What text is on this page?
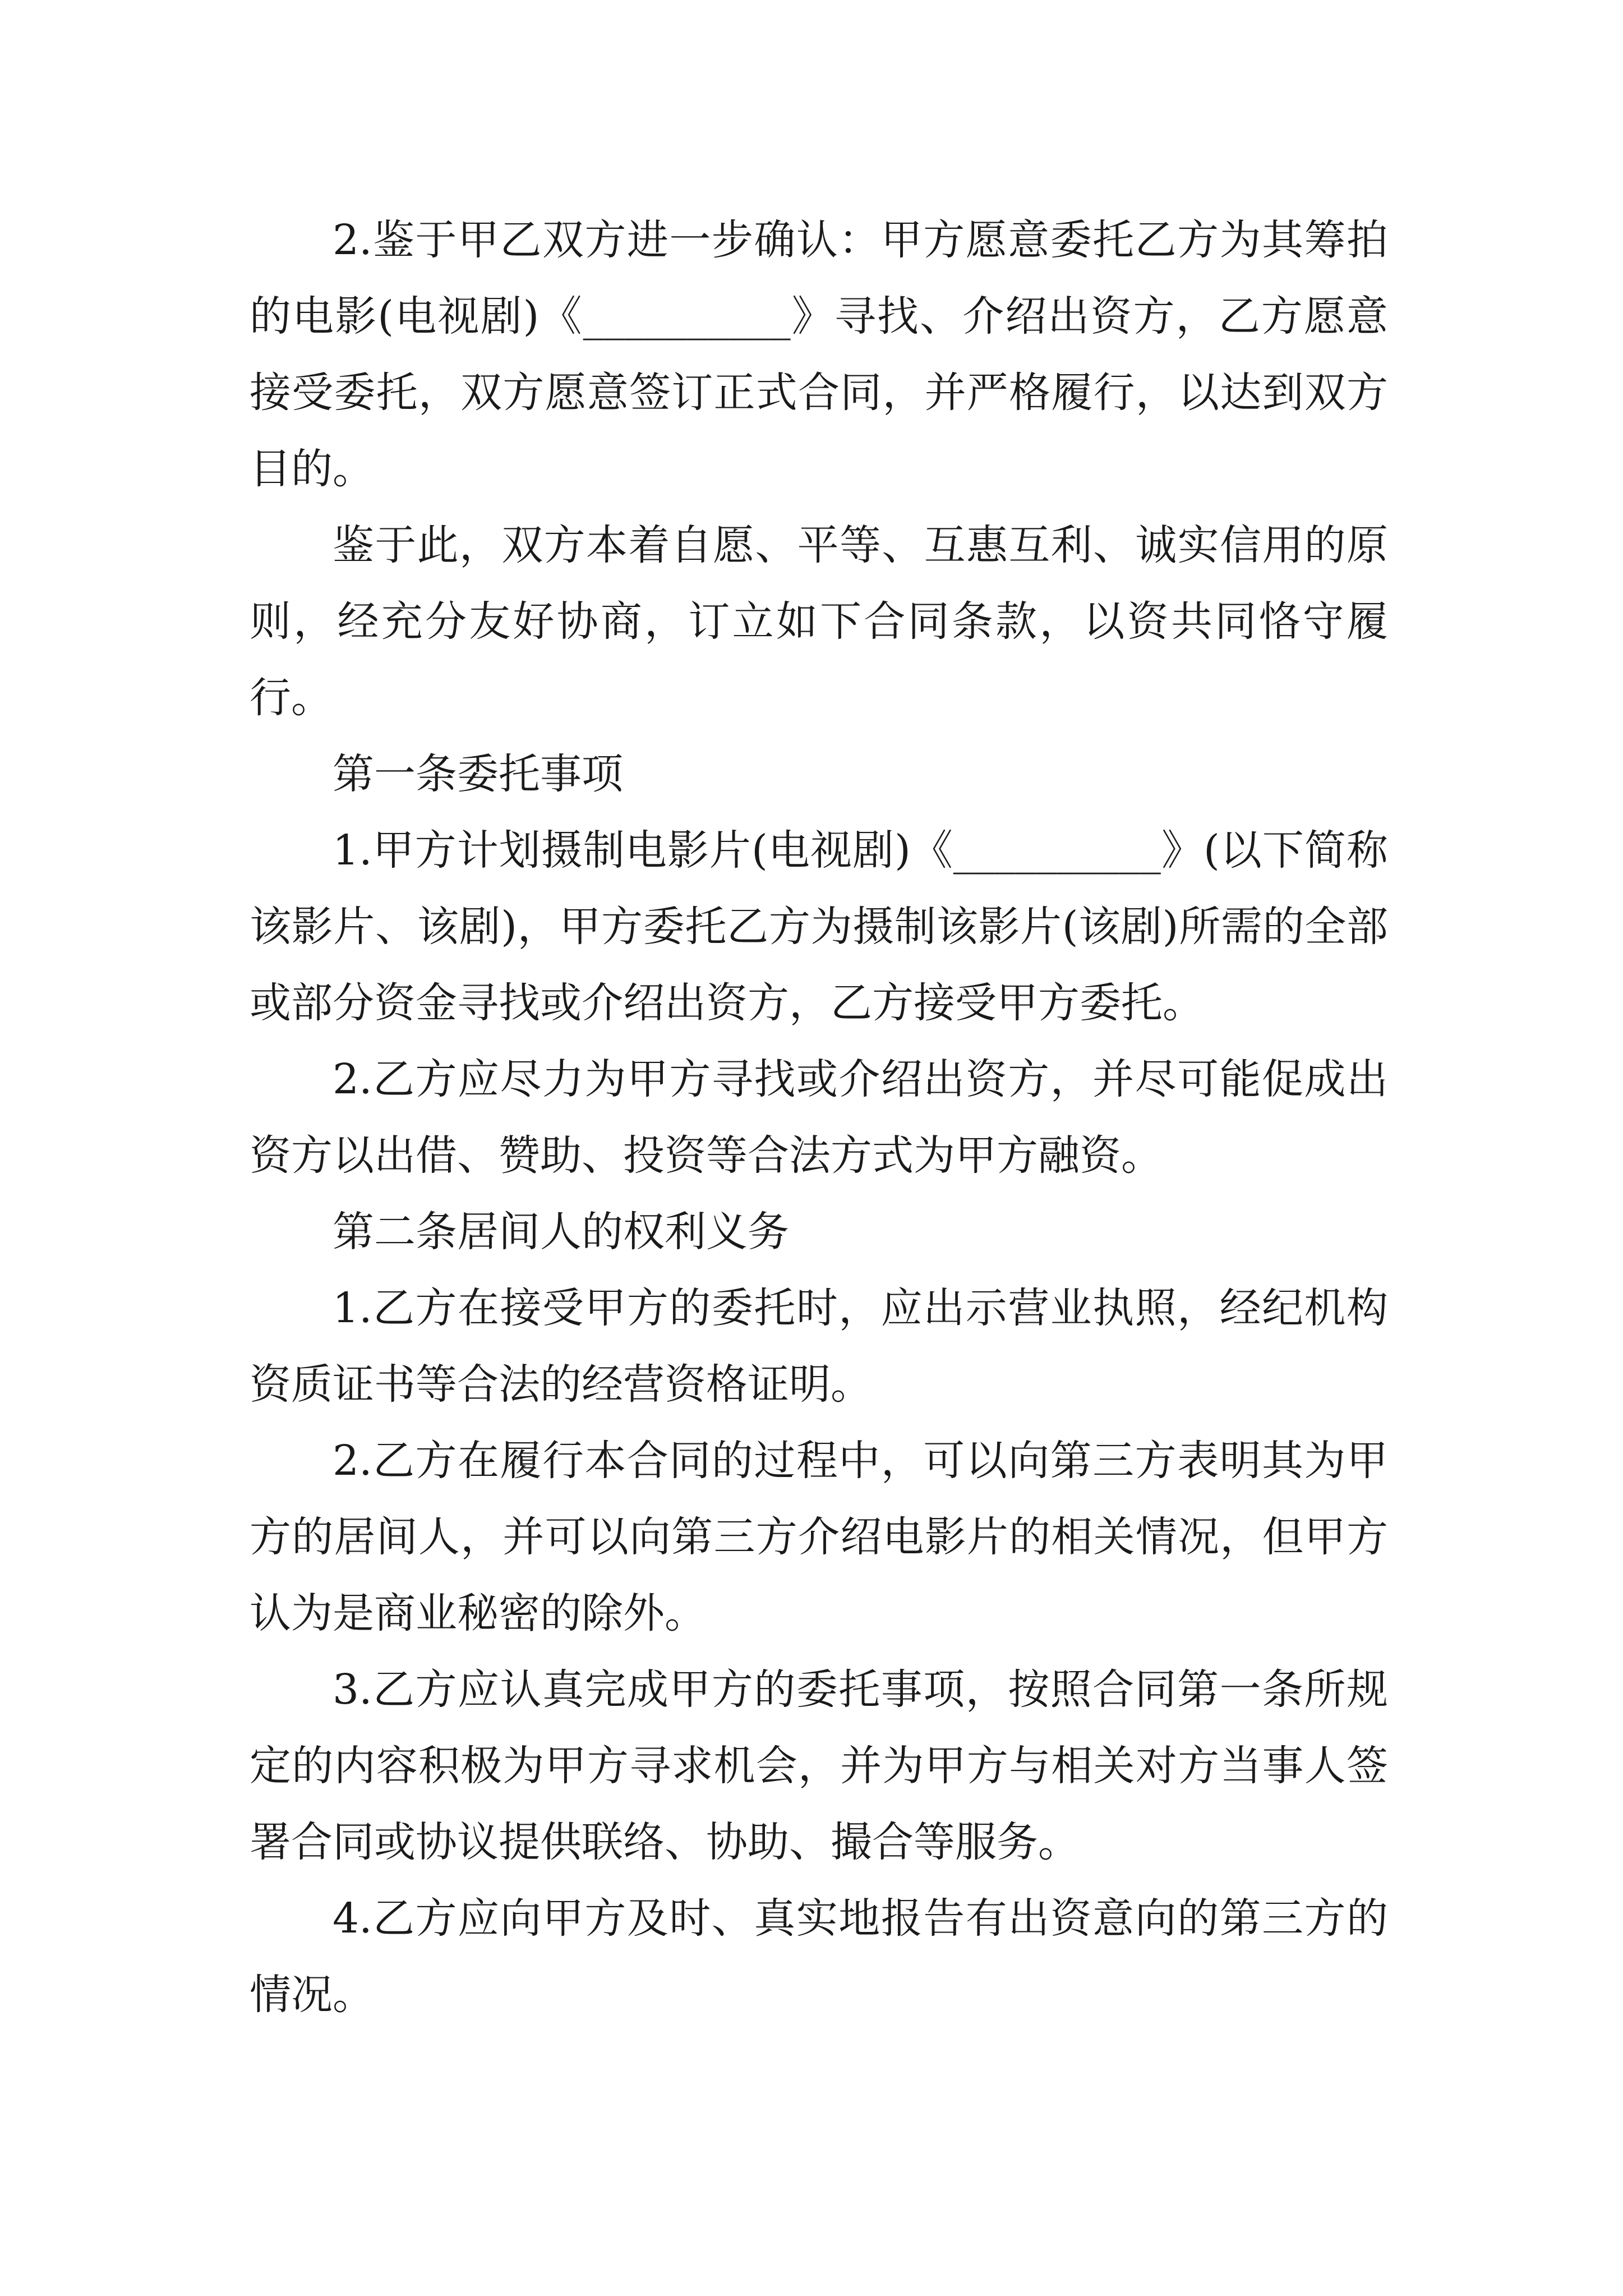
2.鉴于甲乙双方进一步确认：甲方愿意委托乙方为其筹拍的电影(电视剧)《__________》寻找、介绍出资方，乙方愿意接受委托，双方愿意签订正式合同，并严格履行，以达到双方目的。

鉴于此，双方本着自愿、平等、互惠互利、诚实信用的原则，经充分友好协商，订立如下合同条款，以资共同恪守履行。

第一条委托事项

1.甲方计划摄制电影片(电视剧)《__________》(以下简称该影片、该剧)，甲方委托乙方为摄制该影片(该剧)所需的全部或部分资金寻找或介绍出资方，乙方接受甲方委托。

2.乙方应尽力为甲方寻找或介绍出资方，并尽可能促成出资方以出借、赞助、投资等合法方式为甲方融资。

第二条居间人的权利义务

1.乙方在接受甲方的委托时，应出示营业执照，经纪机构资质证书等合法的经营资格证明。

2.乙方在履行本合同的过程中，可以向第三方表明其为甲方的居间人，并可以向第三方介绍电影片的相关情况，但甲方认为是商业秘密的除外。

3.乙方应认真完成甲方的委托事项，按照合同第一条所规定的内容积极为甲方寻求机会，并为甲方与相关对方当事人签署合同或协议提供联络、协助、撮合等服务。

4.乙方应向甲方及时、真实地报告有出资意向的第三方的情况。
